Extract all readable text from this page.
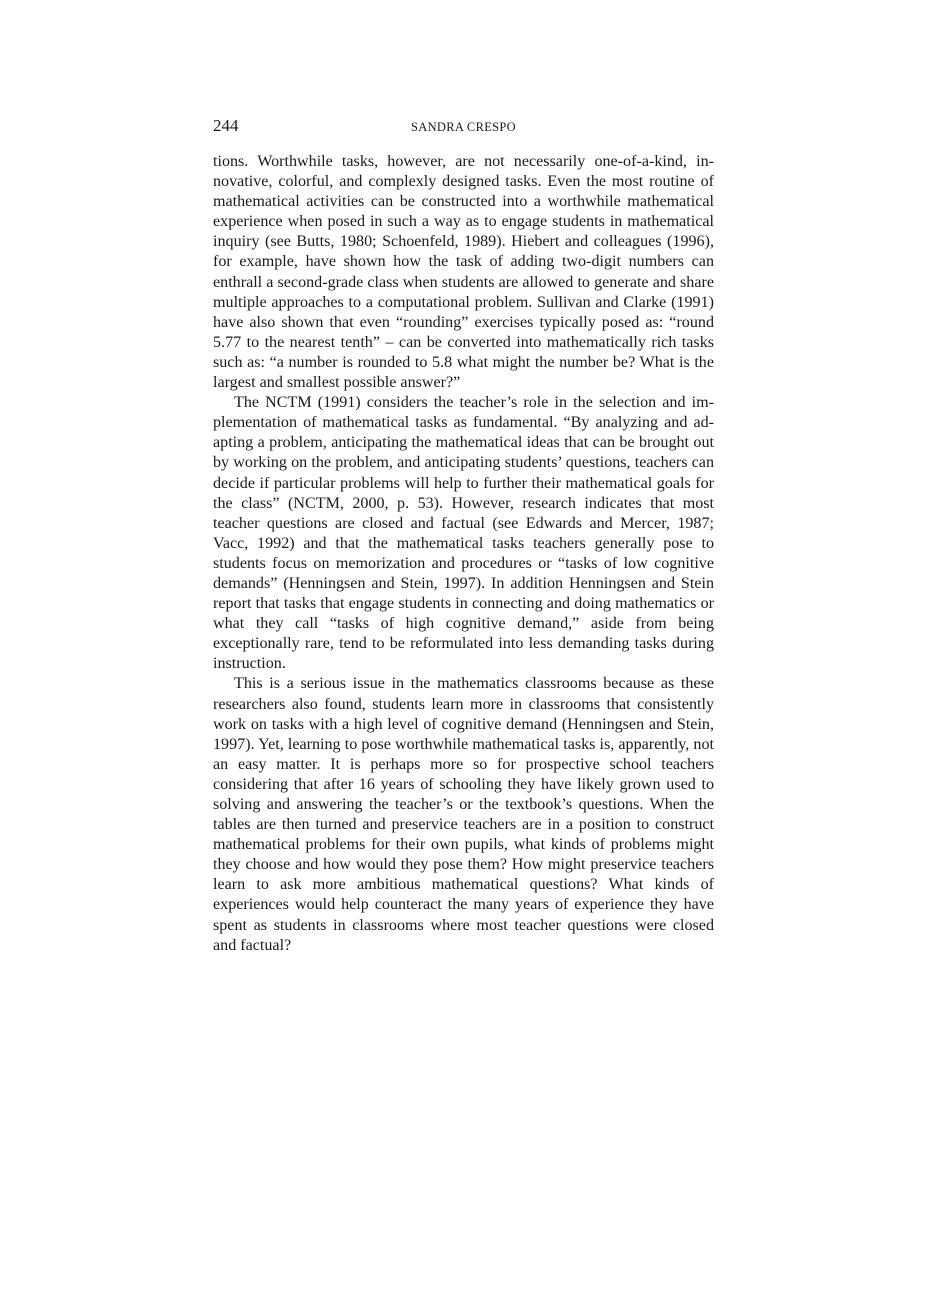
244	SANDRA CRESPO

tions. Worthwhile tasks, however, are not necessarily one-of-a-kind, innovative, colorful, and complexly designed tasks. Even the most routine of mathematical activities can be constructed into a worthwhile mathematical experience when posed in such a way as to engage students in mathematical inquiry (see Butts, 1980; Schoenfeld, 1989). Hiebert and colleagues (1996), for example, have shown how the task of adding two-digit numbers can enthrall a second-grade class when students are allowed to generate and share multiple approaches to a computational problem. Sullivan and Clarke (1991) have also shown that even “rounding” exercises typically posed as: “round 5.77 to the nearest tenth” – can be converted into mathematically rich tasks such as: “a number is rounded to 5.8 what might the number be? What is the largest and smallest possible answer?”

The NCTM (1991) considers the teacher’s role in the selection and implementation of mathematical tasks as fundamental. “By analyzing and adapting a problem, anticipating the mathematical ideas that can be brought out by working on the problem, and anticipating students’ questions, teachers can decide if particular problems will help to further their mathematical goals for the class” (NCTM, 2000, p. 53). However, research indicates that most teacher questions are closed and factual (see Edwards and Mercer, 1987; Vacc, 1992) and that the mathematical tasks teachers generally pose to students focus on memorization and procedures or “tasks of low cognitive demands” (Henningsen and Stein, 1997). In addition Henningsen and Stein report that tasks that engage students in connecting and doing mathematics or what they call “tasks of high cognitive demand,” aside from being exceptionally rare, tend to be reformulated into less demanding tasks during instruction.

This is a serious issue in the mathematics classrooms because as these researchers also found, students learn more in classrooms that consistently work on tasks with a high level of cognitive demand (Henningsen and Stein, 1997). Yet, learning to pose worthwhile mathematical tasks is, apparently, not an easy matter. It is perhaps more so for prospective school teachers considering that after 16 years of schooling they have likely grown used to solving and answering the teacher’s or the textbook’s questions. When the tables are then turned and preservice teachers are in a position to construct mathematical problems for their own pupils, what kinds of problems might they choose and how would they pose them? How might preservice teachers learn to ask more ambitious mathematical questions? What kinds of experiences would help counteract the many years of experience they have spent as students in classrooms where most teacher questions were closed and factual?
